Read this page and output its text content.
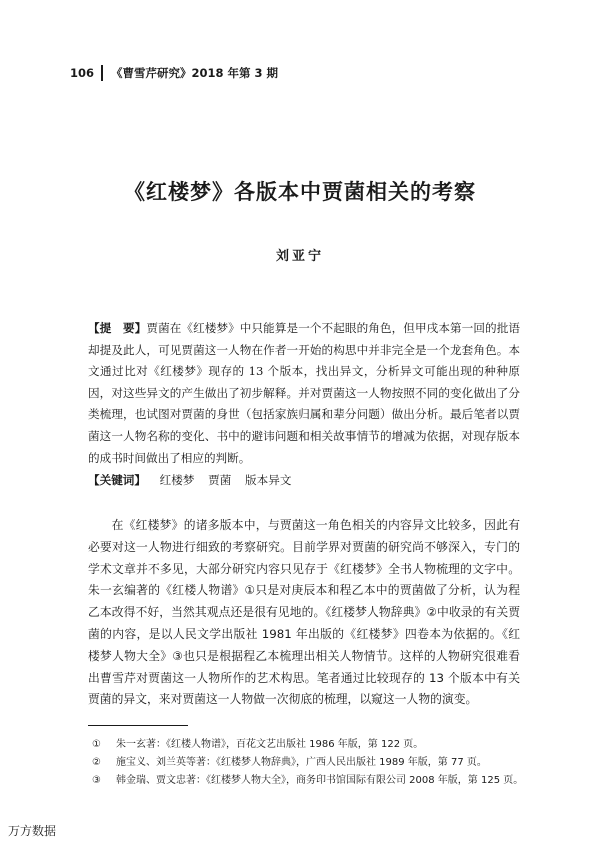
106	《曹雪芹研究》2018 年第 3 期
《红楼梦》各版本中贾菌相关的考察
刘亚宁
【提　要】贾菌在《红楼梦》中只能算是一个不起眼的角色，但甲戌本第一回的批语却提及此人，可见贾菌这一人物在作者一开始的构思中并非完全是一个龙套角色。本文通过比对《红楼梦》现存的 13 个版本，找出异文，分析异文可能出现的种种原因，对这些异文的产生做出了初步解释。并对贾菌这一人物按照不同的变化做出了分类梳理，也试图对贾菌的身世（包括家族归属和辈分问题）做出分析。最后笔者以贾菌这一人物名称的变化、书中的避讳问题和相关故事情节的增减为依据，对现存版本的成书时间做出了相应的判断。
【关键词】 红楼梦 贾菌 版本异文
在《红楼梦》的诸多版本中，与贾菌这一角色相关的内容异文比较多，因此有必要对这一人物进行细致的考察研究。目前学界对贾菌的研究尚不够深入，专门的学术文章并不多见，大部分研究内容只见存于《红楼梦》全书人物梳理的文字中。朱一玄编著的《红楼人物谱》①只是对庚辰本和程乙本中的贾菌做了分析，认为程乙本改得不好，当然其观点还是很有见地的。《红楼梦人物辞典》②中收录的有关贾菌的内容，是以人民文学出版社 1981 年出版的《红楼梦》四卷本为依据的。《红楼梦人物大全》③也只是根据程乙本梳理出相关人物情节。这样的人物研究很难看出曹雪芹对贾菌这一人物所作的艺术构思。笔者通过比较现存的 13 个版本中有关贾菌的异文，来对贾菌这一人物做一次彻底的梳理，以窥这一人物的演变。
①	朱一玄著：《红楼人物谱》，百花文艺出版社 1986 年版，第 122 页。
②	施宝义、刘兰英等著：《红楼梦人物辞典》，广西人民出版社 1989 年版，第 77 页。
③	韩金瑞、贾文忠著：《红楼梦人物大全》，商务印书馆国际有限公司 2008 年版，第 125 页。
万方数据
